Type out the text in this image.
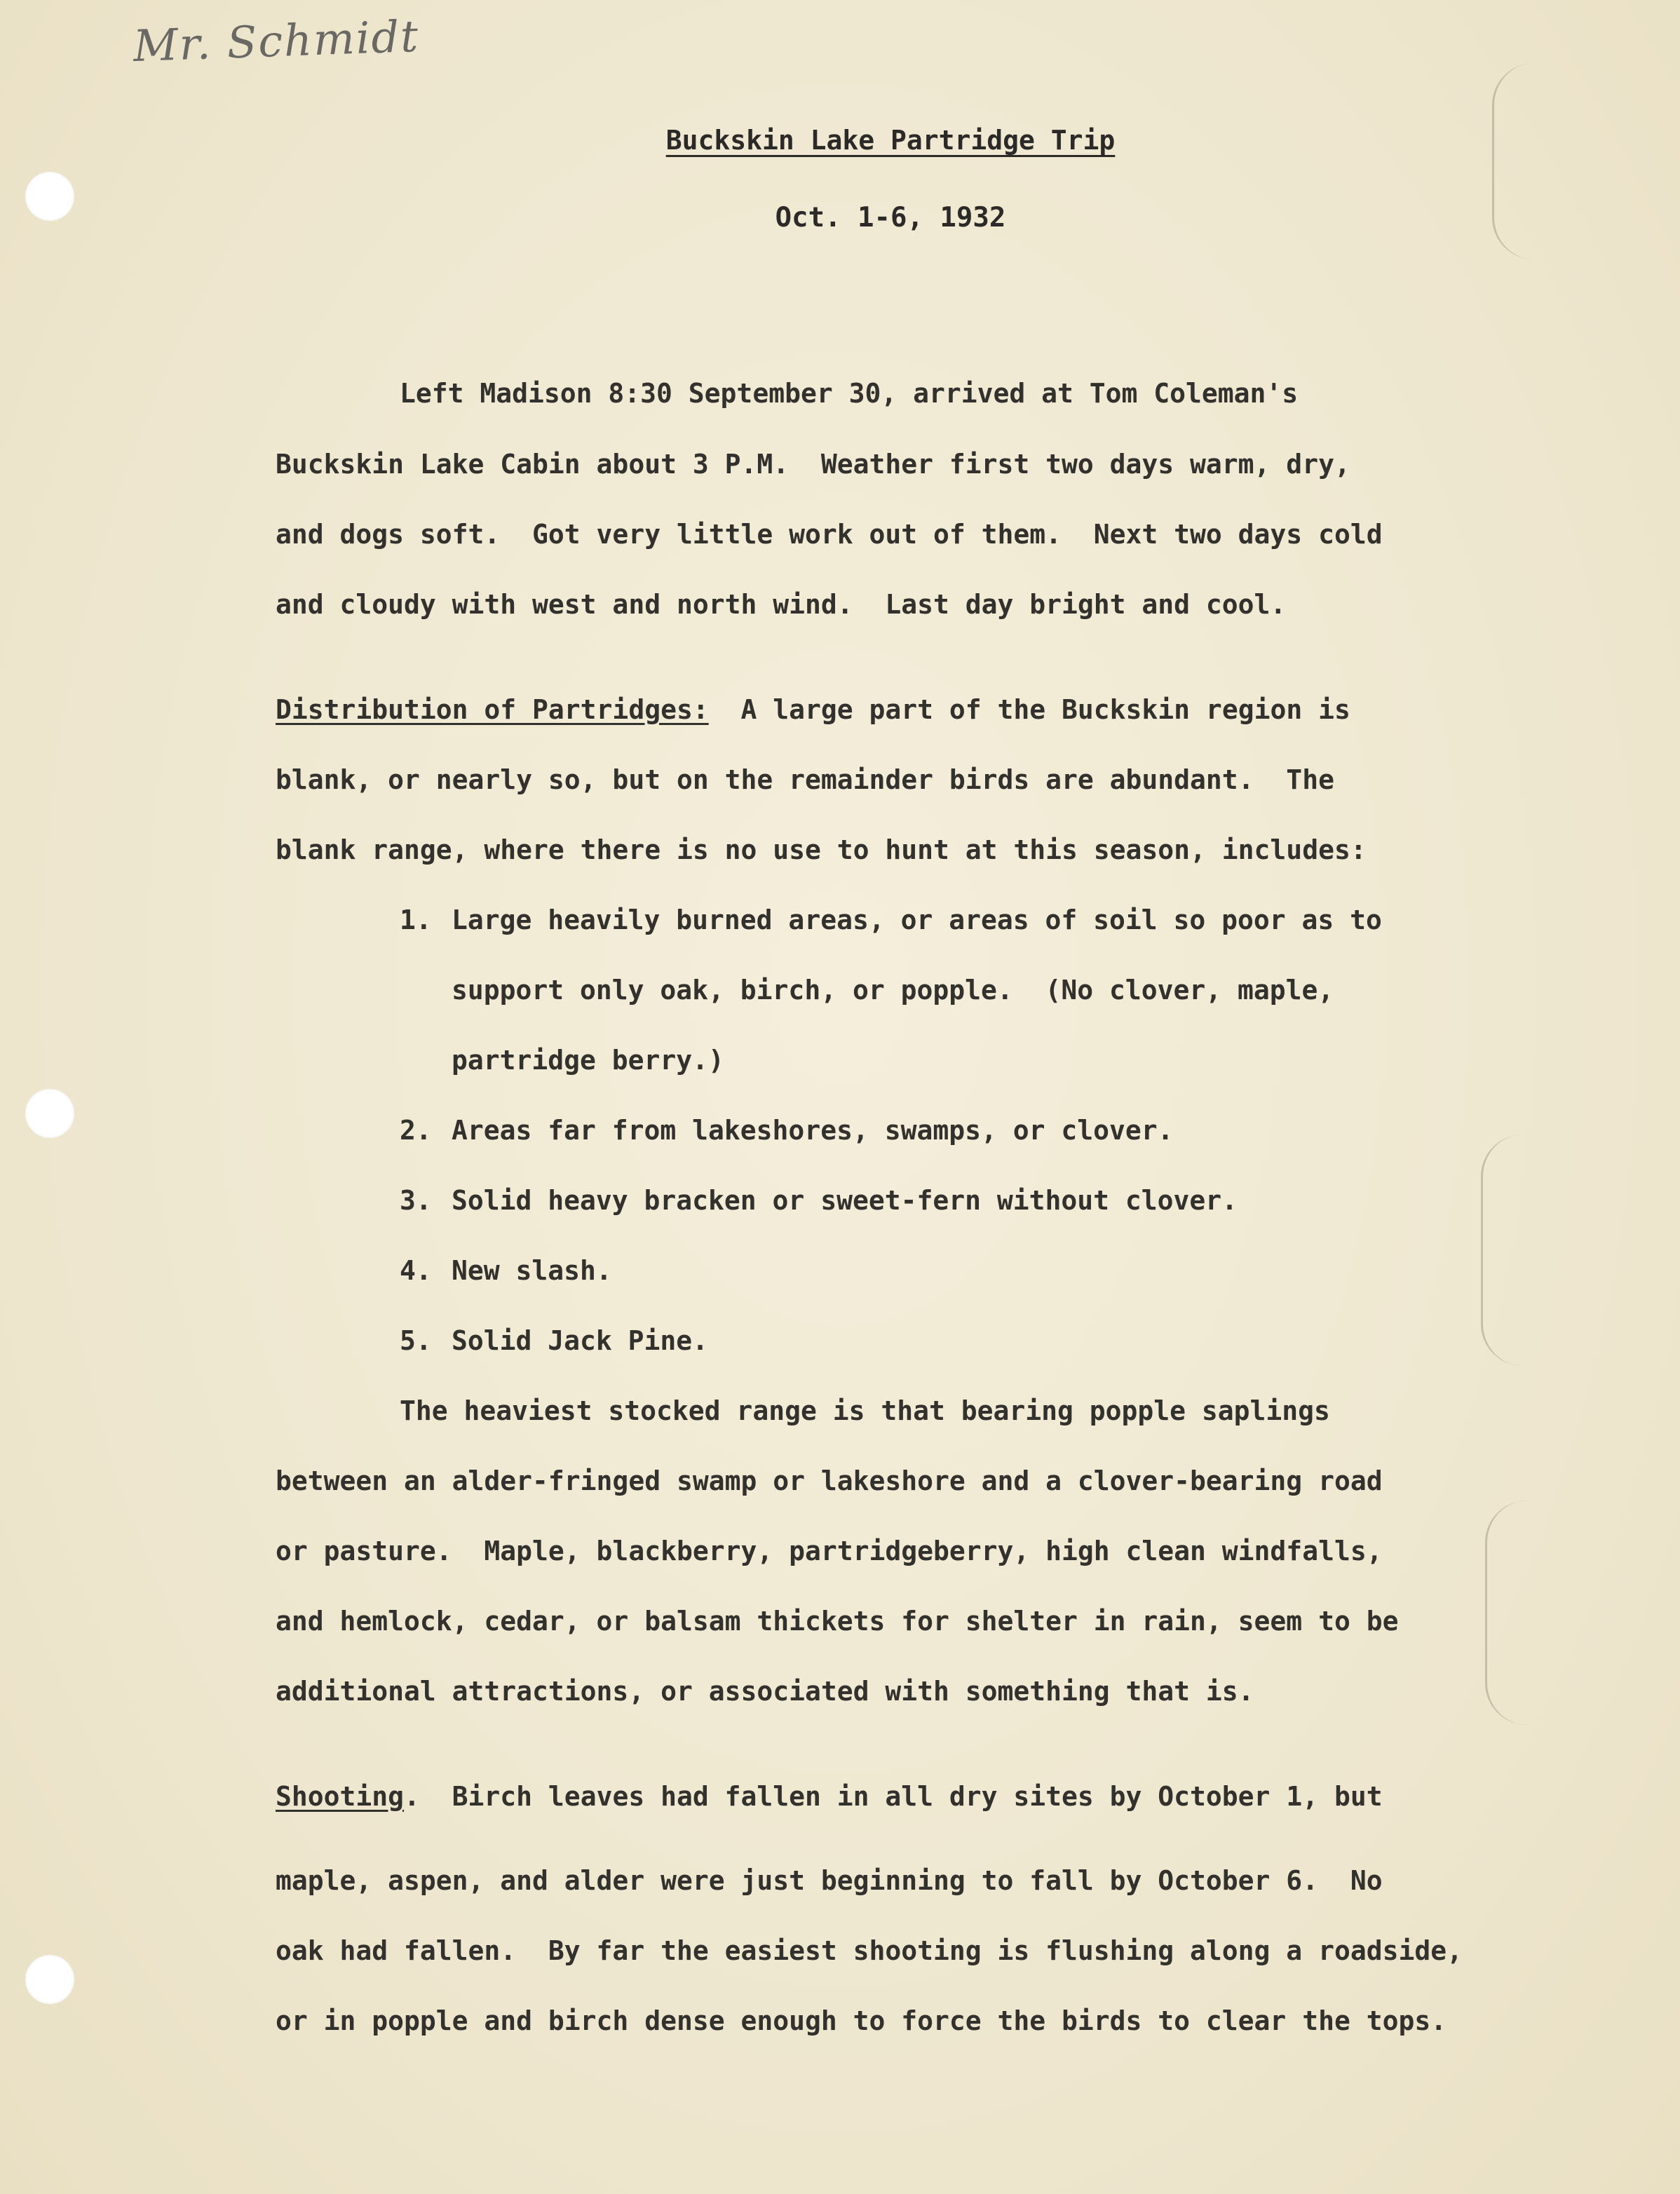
Mr. Schmidt
Buckskin Lake Partridge Trip
Oct. 1-6, 1932
Left Madison 8:30 September 30, arrived at Tom Coleman's
Buckskin Lake Cabin about 3 P.M.  Weather first two days warm, dry,
and dogs soft.  Got very little work out of them.  Next two days cold
and cloudy with west and north wind.  Last day bright and cool.
Distribution of Partridges:  A large part of the Buckskin region is
blank, or nearly so, but on the remainder birds are abundant.  The
blank range, where there is no use to hunt at this season, includes:
1. Large heavily burned areas, or areas of soil so poor as to
support only oak, birch, or popple.  (No clover, maple,
partridge berry.)
2. Areas far from lakeshores, swamps, or clover.
3. Solid heavy bracken or sweet-fern without clover.
4. New slash.
5. Solid Jack Pine.
The heaviest stocked range is that bearing popple saplings
between an alder-fringed swamp or lakeshore and a clover-bearing road
or pasture.  Maple, blackberry, partridgeberry, high clean windfalls,
and hemlock, cedar, or balsam thickets for shelter in rain, seem to be
additional attractions, or associated with something that is.
Shooting.  Birch leaves had fallen in all dry sites by October 1, but
maple, aspen, and alder were just beginning to fall by October 6.  No
oak had fallen.  By far the easiest shooting is flushing along a roadside,
or in popple and birch dense enough to force the birds to clear the tops.
